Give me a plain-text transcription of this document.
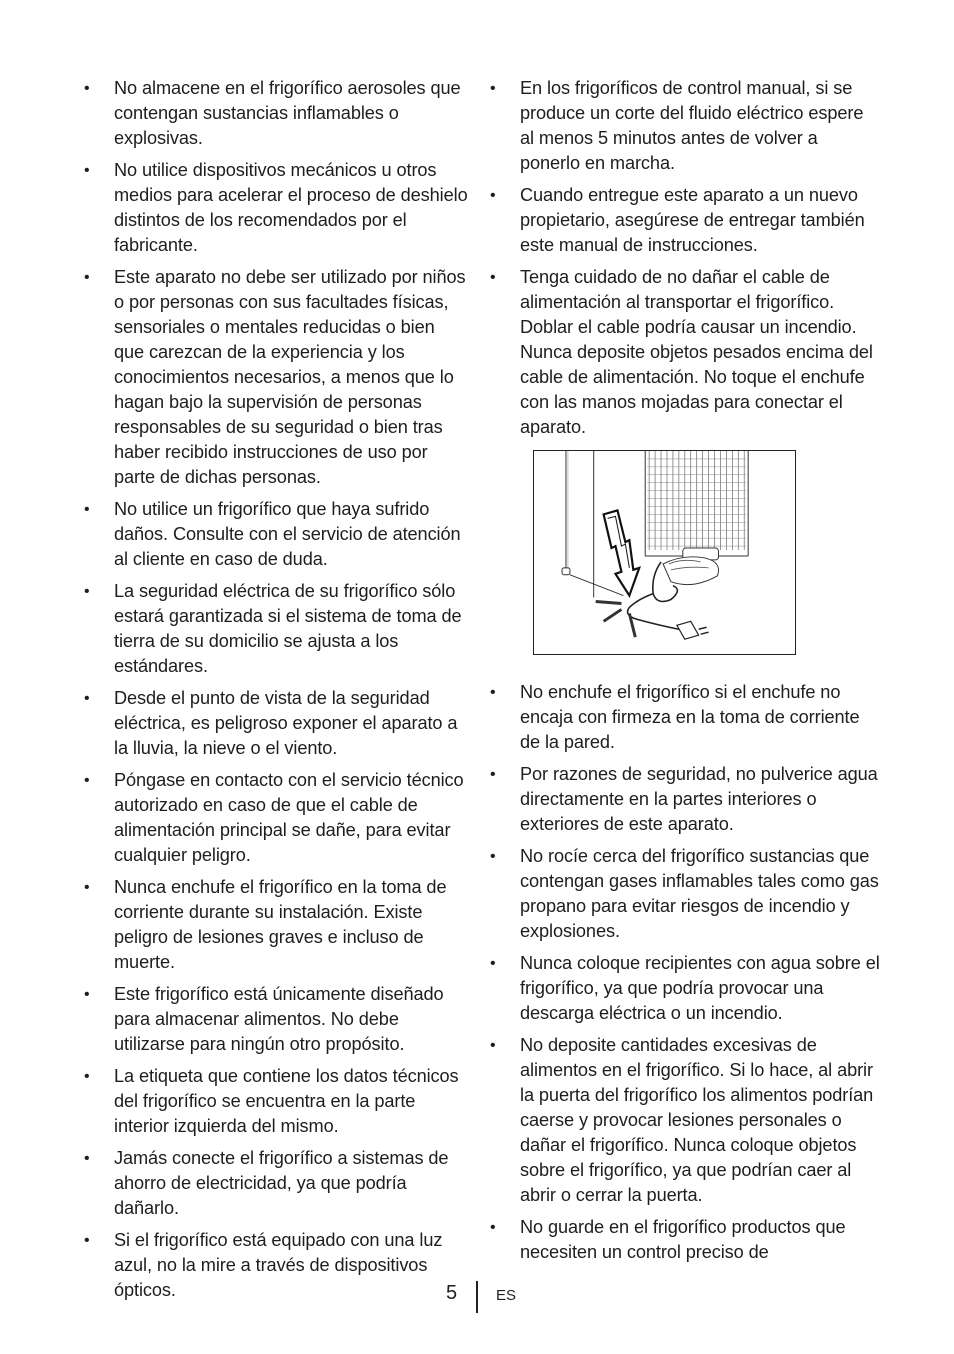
• No almacene en el frigorífico aerosoles que contengan sustancias inflamables o explosivas.
• No utilice dispositivos mecánicos u otros medios para acelerar el proceso de deshielo distintos de los recomendados por el fabricante.
• Este aparato no debe ser utilizado por niños o por personas con sus facultades físicas, sensoriales o mentales reducidas o bien que carezcan de la experiencia y los conocimientos necesarios, a menos que lo hagan bajo la supervisión de personas responsables de su seguridad o bien tras haber recibido instrucciones de uso por parte de dichas personas.
• No utilice un frigorífico que haya sufrido daños. Consulte con el servicio de atención al cliente en caso de duda.
• La seguridad eléctrica de su frigorífico sólo estará garantizada si el sistema de toma de tierra de su domicilio se ajusta a los estándares.
• Desde el punto de vista de la seguridad eléctrica, es peligroso exponer el aparato a la lluvia, la nieve o el viento.
• Póngase en contacto con el servicio técnico autorizado en caso de que el cable de alimentación principal se dañe, para evitar cualquier peligro.
• Nunca enchufe el frigorífico en la toma de corriente durante su instalación. Existe peligro de lesiones graves e incluso de muerte.
• Este frigorífico está únicamente diseñado para almacenar alimentos. No debe utilizarse para ningún otro propósito.
• La etiqueta que contiene los datos técnicos del frigorífico se encuentra en la parte interior izquierda del mismo.
• Jamás conecte el frigorífico a sistemas de ahorro de electricidad, ya que podría dañarlo.
• Si el frigorífico está equipado con una luz azul, no la mire a través de dispositivos ópticos.
• En los frigoríficos de control manual, si se produce un corte del fluido eléctrico espere al menos 5 minutos antes de volver a ponerlo en marcha.
• Cuando entregue este aparato a un nuevo propietario, asegúrese de entregar también este manual de instrucciones.
• Tenga cuidado de no dañar el cable de alimentación al transportar el frigorífico. Doblar el cable podría causar un incendio. Nunca deposite objetos pesados encima del cable de alimentación. No toque el enchufe con las manos mojadas para conectar el aparato.
• No enchufe el frigorífico si el enchufe no encaja con firmeza en la toma de corriente de la pared.
• Por razones de seguridad, no pulverice agua directamente en la partes interiores o exteriores de este aparato.
• No rocíe cerca del frigorífico sustancias que contengan gases inflamables tales como gas propano para evitar riesgos de incendio y explosiones.
• Nunca coloque recipientes con agua sobre el frigorífico, ya que podría provocar una descarga eléctrica o un incendio.
• No deposite cantidades excesivas de alimentos en el frigorífico. Si lo hace, al abrir la puerta del frigorífico los alimentos podrían caerse y provocar lesiones personales o dañar el frigorífico. Nunca coloque objetos sobre el frigorífico, ya que podrían caer al abrir o cerrar la puerta.
• No guarde en el frigorífico productos que necesiten un control preciso de
5	ES
